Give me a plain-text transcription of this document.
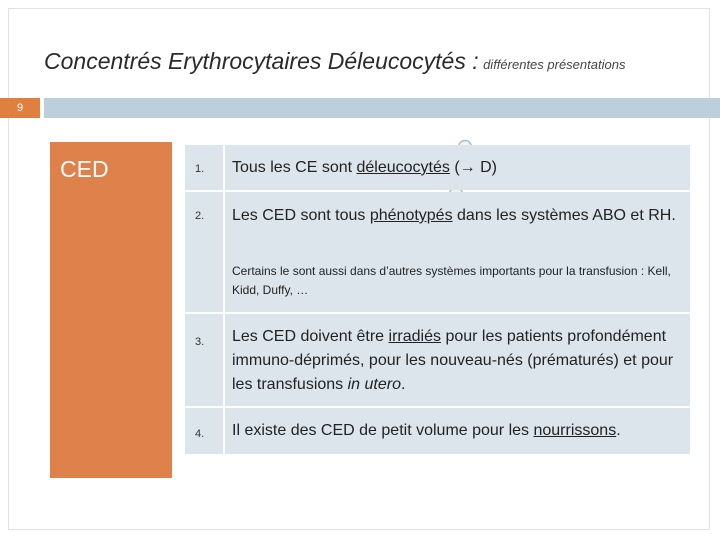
Concentrés Erythrocytaires Déleucocytés : différentes présentations
9
CED	1. Tous les CE sont déleucocytés (→ D)
2. Les CED sont tous phénotypés dans les systèmes ABO et RH.
Certains le sont aussi dans d’autres systèmes importants pour la transfusion : Kell, Kidd, Duffy, …
3. Les CED doivent être irradiés pour les patients profondément immuno-déprimés, pour les nouveau-nés (prématurés) et pour les transfusions in utero.
4. Il existe des CED de petit volume pour les nourrissons.
